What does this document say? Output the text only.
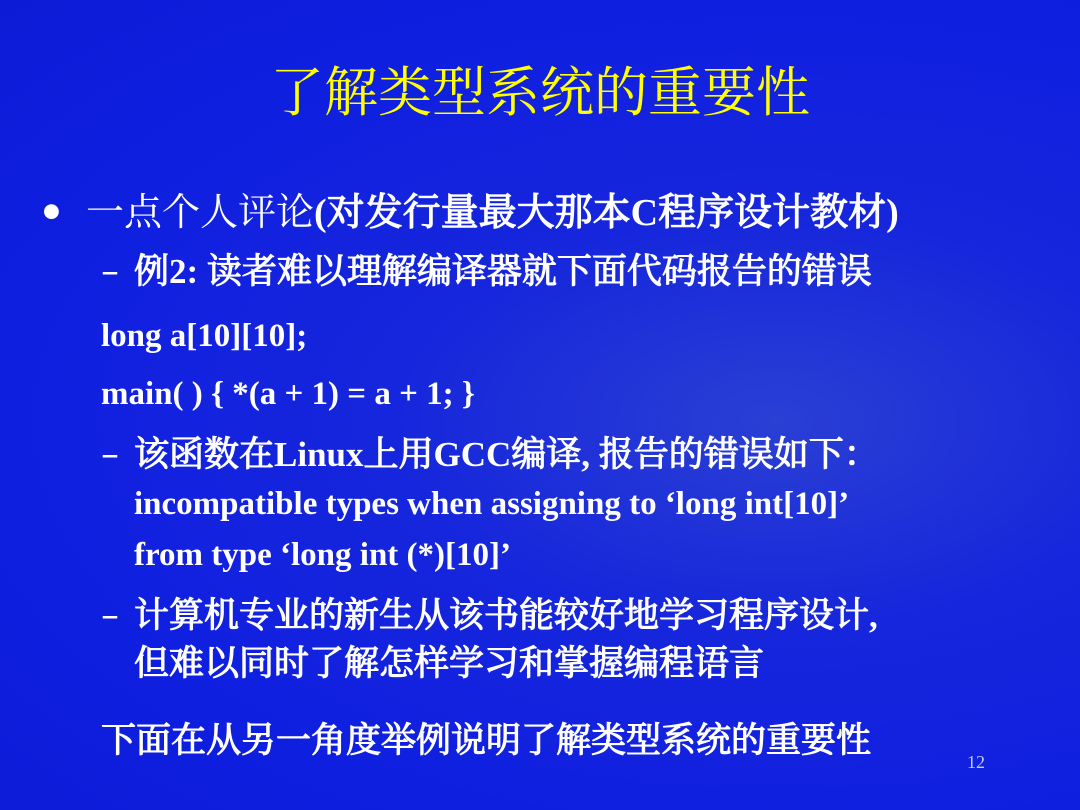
了解类型系统的重要性
• 一点个人评论(对发行量最大那本C程序设计教材)
– 例2: 读者难以理解编译器就下面代码报告的错误
long a[10][10];
main( ) { *(a + 1) = a + 1; }
– 该函数在Linux上用GCC编译, 报告的错误如下：
incompatible types when assigning to ‘long int[10]’
from type ‘long int (*)[10]’
– 计算机专业的新生从该书能较好地学习程序设计,
但难以同时了解怎样学习和掌握编程语言
下面在从另一角度举例说明了解类型系统的重要性
12
